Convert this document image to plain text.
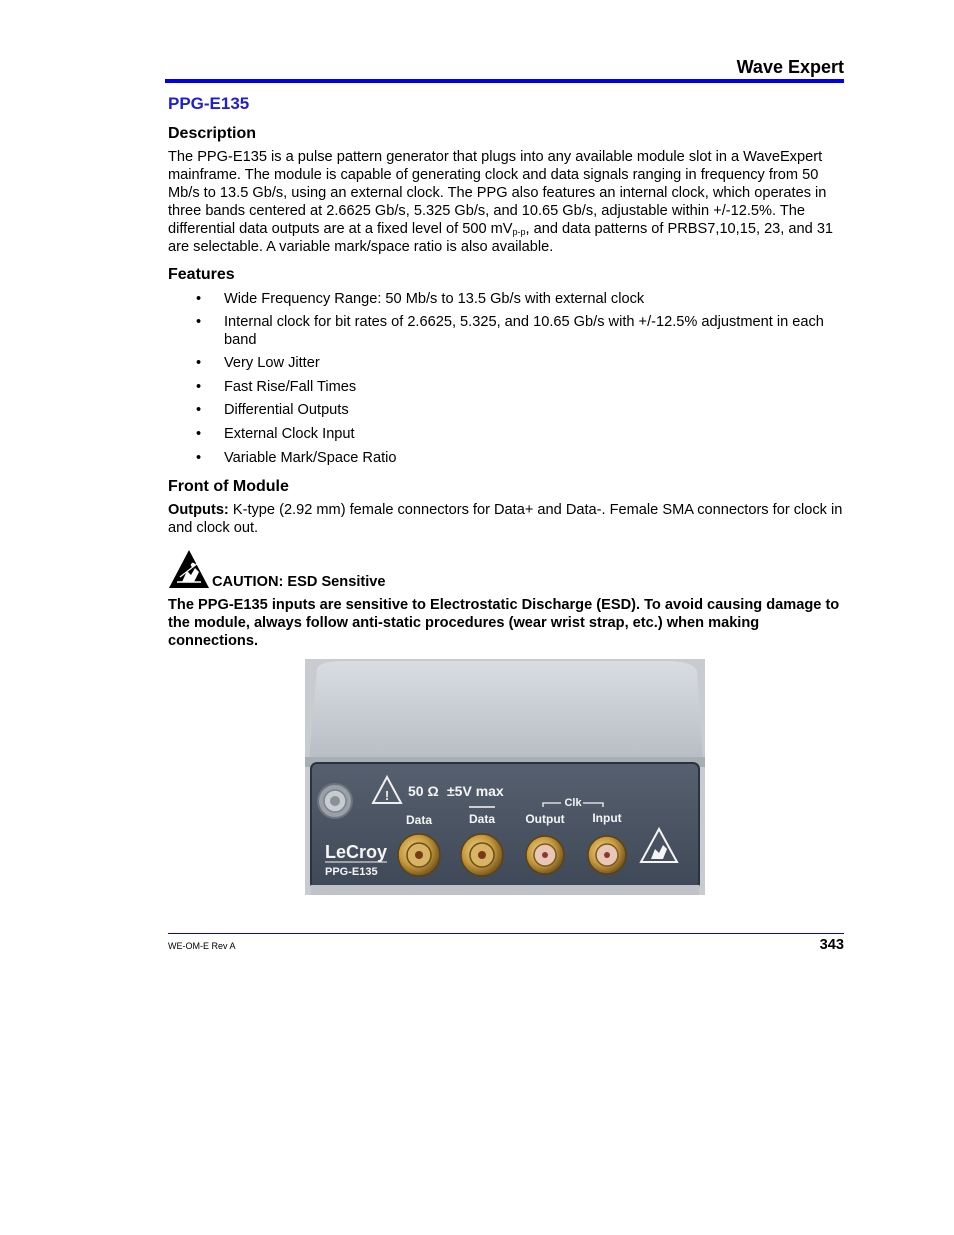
Wave Expert
PPG-E135
Description

The PPG-E135 is a pulse pattern generator that plugs into any available module slot in a WaveExpert mainframe. The module is capable of generating clock and data signals ranging in frequency from 50 Mb/s to 13.5 Gb/s, using an external clock. The PPG also features an internal clock, which operates in three bands centered at 2.6625 Gb/s, 5.325 Gb/s, and 10.65 Gb/s, adjustable within +/-12.5%. The differential data outputs are at a fixed level of 500 $mV_{p-p}$, and data patterns of PRBS7,10,15, 23, and 31 are selectable. A variable mark/space ratio is also available.

Features
• Wide Frequency Range: 50 Mb/s to 13.5 Gb/s with external clock
• Internal clock for bit rates of 2.6625, 5.325, and 10.65 Gb/s with +/-12.5% adjustment in each band
• Very Low Jitter
• Fast Rise/Fall Times
• Differential Outputs
• External Clock Input
• Variable Mark/Space Ratio
Front of Module

Outputs: K-type (2.92 mm) female connectors for Data+ and Data-. Female SMA connectors for clock in and clock out.

CAUTION: ESD Sensitive

The PPG-E135 inputs are sensitive to Electrostatic Discharge (ESD). To avoid causing damage to the module, always follow anti-static procedures (wear wrist strap, etc.) when making connections.

! 50 Ω ±5V max
Data	Data
Clk
Output Input
LeCroy
PPG-E135
WE-OM-E Rev A	343
